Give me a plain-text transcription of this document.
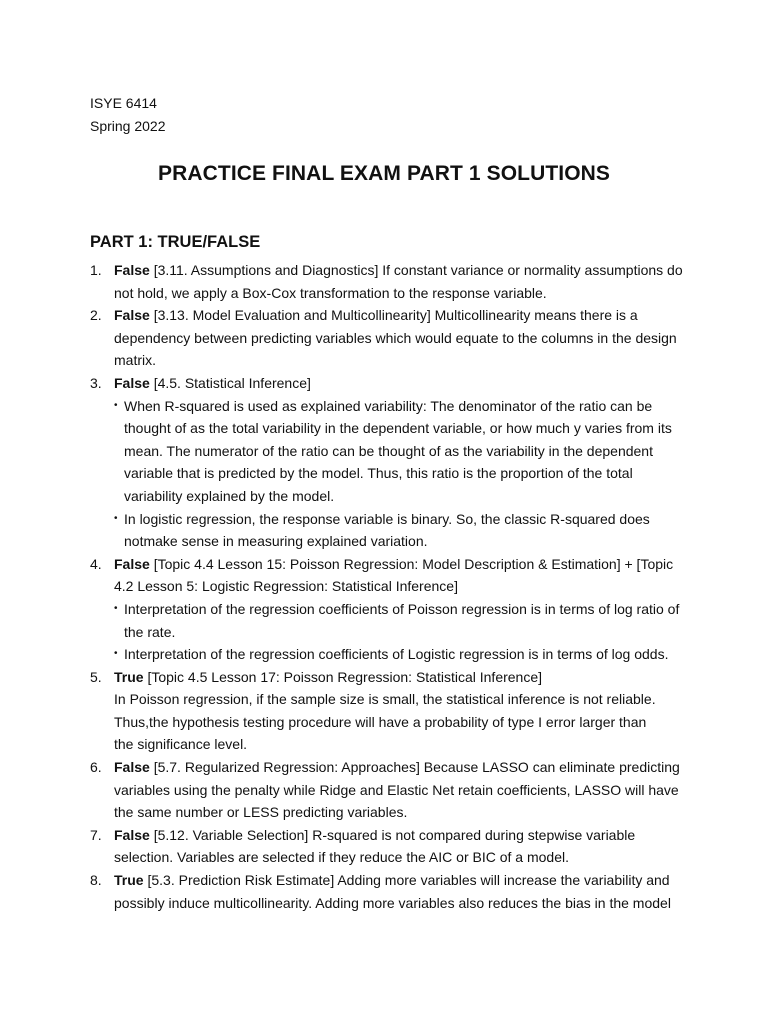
ISYE 6414
Spring 2022
PRACTICE FINAL EXAM PART 1 SOLUTIONS
PART 1: TRUE/FALSE
1. False [3.11. Assumptions and Diagnostics] If constant variance or normality assumptions do not hold, we apply a Box-Cox transformation to the response variable.
2. False [3.13. Model Evaluation and Multicollinearity] Multicollinearity means there is a dependency between predicting variables which would equate to the columns in the design matrix.
3. False [4.5. Statistical Inference]
• When R-squared is used as explained variability: The denominator of the ratio can be thought of as the total variability in the dependent variable, or how much y varies from its mean. The numerator of the ratio can be thought of as the variability in the dependent variable that is predicted by the model. Thus, this ratio is the proportion of the total variability explained by the model.
• In logistic regression, the response variable is binary. So, the classic R-squared does notmake sense in measuring explained variation.
4. False [Topic 4.4 Lesson 15: Poisson Regression: Model Description & Estimation] + [Topic 4.2 Lesson 5: Logistic Regression: Statistical Inference]
• Interpretation of the regression coefficients of Poisson regression is in terms of log ratio of the rate.
• Interpretation of the regression coefficients of Logistic regression is in terms of log odds.
5. True [Topic 4.5 Lesson 17: Poisson Regression: Statistical Inference]
In Poisson regression, if the sample size is small, the statistical inference is not reliable.
Thus,the hypothesis testing procedure will have a probability of type I error larger than
the significance level.
6. False [5.7. Regularized Regression: Approaches] Because LASSO can eliminate predicting variables using the penalty while Ridge and Elastic Net retain coefficients, LASSO will have the same number or LESS predicting variables.
7. False [5.12. Variable Selection] R-squared is not compared during stepwise variable selection. Variables are selected if they reduce the AIC or BIC of a model.
8. True [5.3. Prediction Risk Estimate] Adding more variables will increase the variability and possibly induce multicollinearity. Adding more variables also reduces the bias in the model
